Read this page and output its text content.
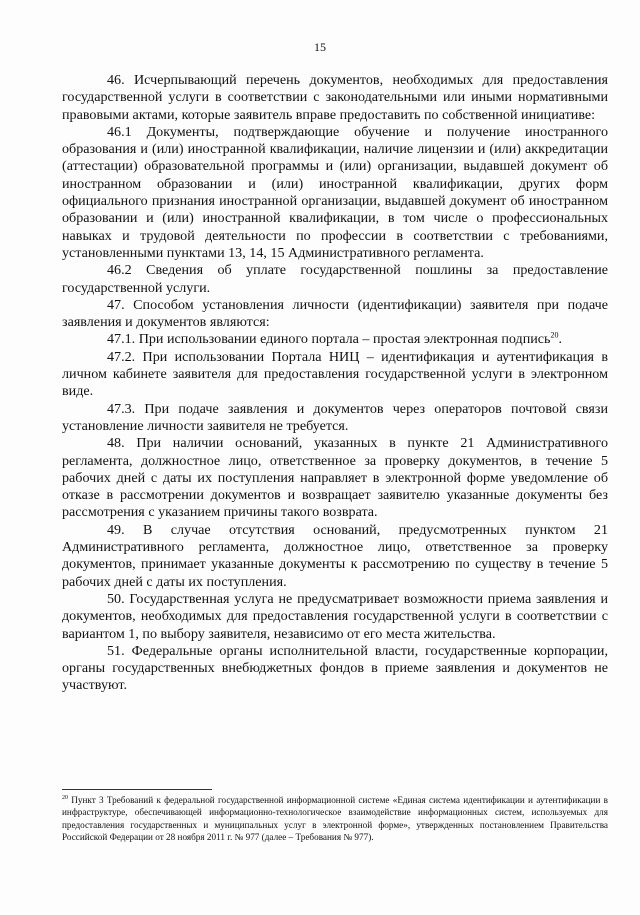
15

46. Исчерпывающий перечень документов, необходимых для предоставления государственной услуги в соответствии с законодательными или иными нормативными правовыми актами, которые заявитель вправе предоставить по собственной инициативе:

46.1 Документы, подтверждающие обучение и получение иностранного образования и (или) иностранной квалификации, наличие лицензии и (или) аккредитации (аттестации) образовательной программы и (или) организации, выдавшей документ об иностранном образовании и (или) иностранной квалификации, других форм официального признания иностранной организации, выдавшей документ об иностранном образовании и (или) иностранной квалификации, в том числе о профессиональных навыках и трудовой деятельности по профессии в соответствии с требованиями, установленными пунктами 13, 14, 15 Административного регламента.

46.2 Сведения об уплате государственной пошлины за предоставление государственной услуги.

47. Способом установления личности (идентификации) заявителя при подаче заявления и документов являются:

47.1. При использовании единого портала – простая электронная подпись$^{20}$.

47.2. При использовании Портала НИЦ – идентификация и аутентификация в личном кабинете заявителя для предоставления государственной услуги в электронном виде.

47.3. При подаче заявления и документов через операторов почтовой связи установление личности заявителя не требуется.

48. При наличии оснований, указанных в пункте 21 Административного регламента, должностное лицо, ответственное за проверку документов, в течение 5 рабочих дней с даты их поступления направляет в электронной форме уведомление об отказе в рассмотрении документов и возвращает заявителю указанные документы без рассмотрения с указанием причины такого возврата.

49. В случае отсутствия оснований, предусмотренных пунктом 21 Административного регламента, должностное лицо, ответственное за проверку документов, принимает указанные документы к рассмотрению по существу в течение 5 рабочих дней с даты их поступления.

50. Государственная услуга не предусматривает возможности приема заявления и документов, необходимых для предоставления государственной услуги в соответствии с вариантом 1, по выбору заявителя, независимо от его места жительства.

51. Федеральные органы исполнительной власти, государственные корпорации, органы государственных внебюджетных фондов в приеме заявления и документов не участвуют.

$^{20}$ Пункт 3 Требований к федеральной государственной информационной системе «Единая система идентификации и аутентификации в инфраструктуре, обеспечивающей информационно-технологическое взаимодействие информационных систем, используемых для предоставления государственных и муниципальных услуг в электронной форме», утвержденных постановлением Правительства Российской Федерации от 28 ноября 2011 г. № 977 (далее – Требования № 977).
